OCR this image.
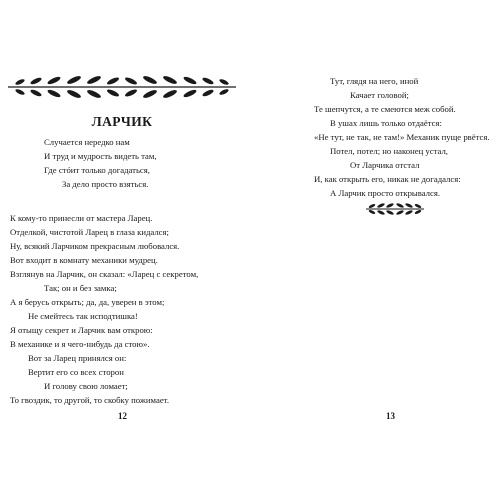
ЛАРЧИК
Случается нередко нам
И труд и мудрость видеть там,
Где стóит только догадаться,
За дело просто взяться.
К кому-то принесли от мастера Ларец.
Отделкой, чистотой Ларец в глаза кидался;
Ну, всякий Ларчиком прекрасным любовался.
Вот входит в комнату механики мудрец.
Взглянув на Ларчик, он сказал: «Ларец с секретом,
Так; он и без замка;
А я берусь открыть; да, да, уверен в этом;
Не смейтесь так исподтишка!
Я отыщу секрет и Ларчик вам открою:
В механике и я чего-нибудь да стою».
Вот за Ларец принялся он:
Вертит его со всех сторон
И голову свою ломает;
То гвоздик, то другой, то скобку пожимает.
12
Тут, глядя на него, иной
Качает головой;
Те шепчутся, а те смеются меж собой.
В ушах лишь только отдаётся:
«Не тут, не так, не там!» Механик пуще рвётся.
Потел, потел; но наконец устал,
От Ларчика отстал
И, как открыть его, никак не догадался:
А Ларчик просто открывался.
13
